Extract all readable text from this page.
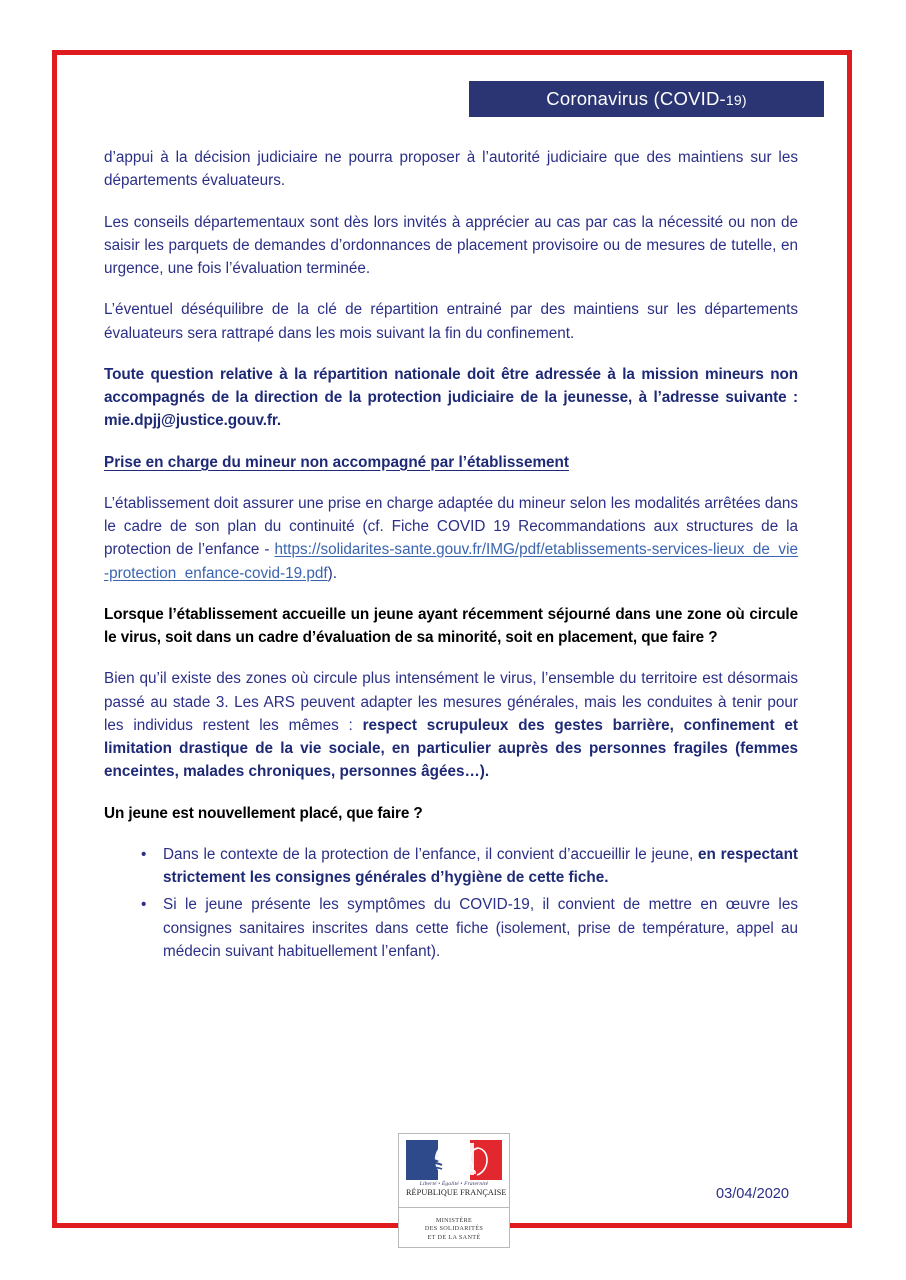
Coronavirus (COVID-19)

d’appui à la décision judiciaire ne pourra proposer à l’autorité judiciaire que des maintiens sur les départements évaluateurs.

Les conseils départementaux sont dès lors invités à apprécier au cas par cas la nécessité ou non de saisir les parquets de demandes d’ordonnances de placement provisoire ou de mesures de tutelle, en urgence, une fois l’évaluation terminée.

L’éventuel déséquilibre de la clé de répartition entrainé par des maintiens sur les départements évaluateurs sera rattrapé dans les mois suivant la fin du confinement.

Toute question relative à la répartition nationale doit être adressée à la mission mineurs non accompagnés de la direction de la protection judiciaire de la jeunesse, à l’adresse suivante : mie.dpjj@justice.gouv.fr.

Prise en charge du mineur non accompagné par l’établissement

L’établissement doit assurer une prise en charge adaptée du mineur selon les modalités arrêtées dans le cadre de son plan du continuité (cf. Fiche COVID 19 Recommandations aux structures de la protection de l’enfance - https://solidarites-sante.gouv.fr/IMG/pdf/etablissements-services-lieux_de_vie-protection_enfance-covid-19.pdf).

Lorsque l’établissement accueille un jeune ayant récemment séjourné dans une zone où circule le virus, soit dans un cadre d’évaluation de sa minorité, soit en placement, que faire ?

Bien qu’il existe des zones où circule plus intensément le virus, l’ensemble du territoire est désormais passé au stade 3. Les ARS peuvent adapter les mesures générales, mais les conduites à tenir pour les individus restent les mêmes : respect scrupuleux des gestes barrière, confinement et limitation drastique de la vie sociale, en particulier auprès des personnes fragiles (femmes enceintes, malades chroniques, personnes âgées…).

Un jeune est nouvellement placé, que faire ?

• Dans le contexte de la protection de l’enfance, il convient d’accueillir le jeune, en respectant strictement les consignes générales d’hygiène de cette fiche.
• Si le jeune présente les symptômes du COVID-19, il convient de mettre en œuvre les consignes sanitaires inscrites dans cette fiche (isolement, prise de température, appel au médecin suivant habituellement l’enfant).
Liberté • Égalité • Fraternité
RÉPUBLIQUE FRANÇAISE
MINISTÈRE
DES SOLIDARITÉS
ET DE LA SANTÉ
03/04/2020
